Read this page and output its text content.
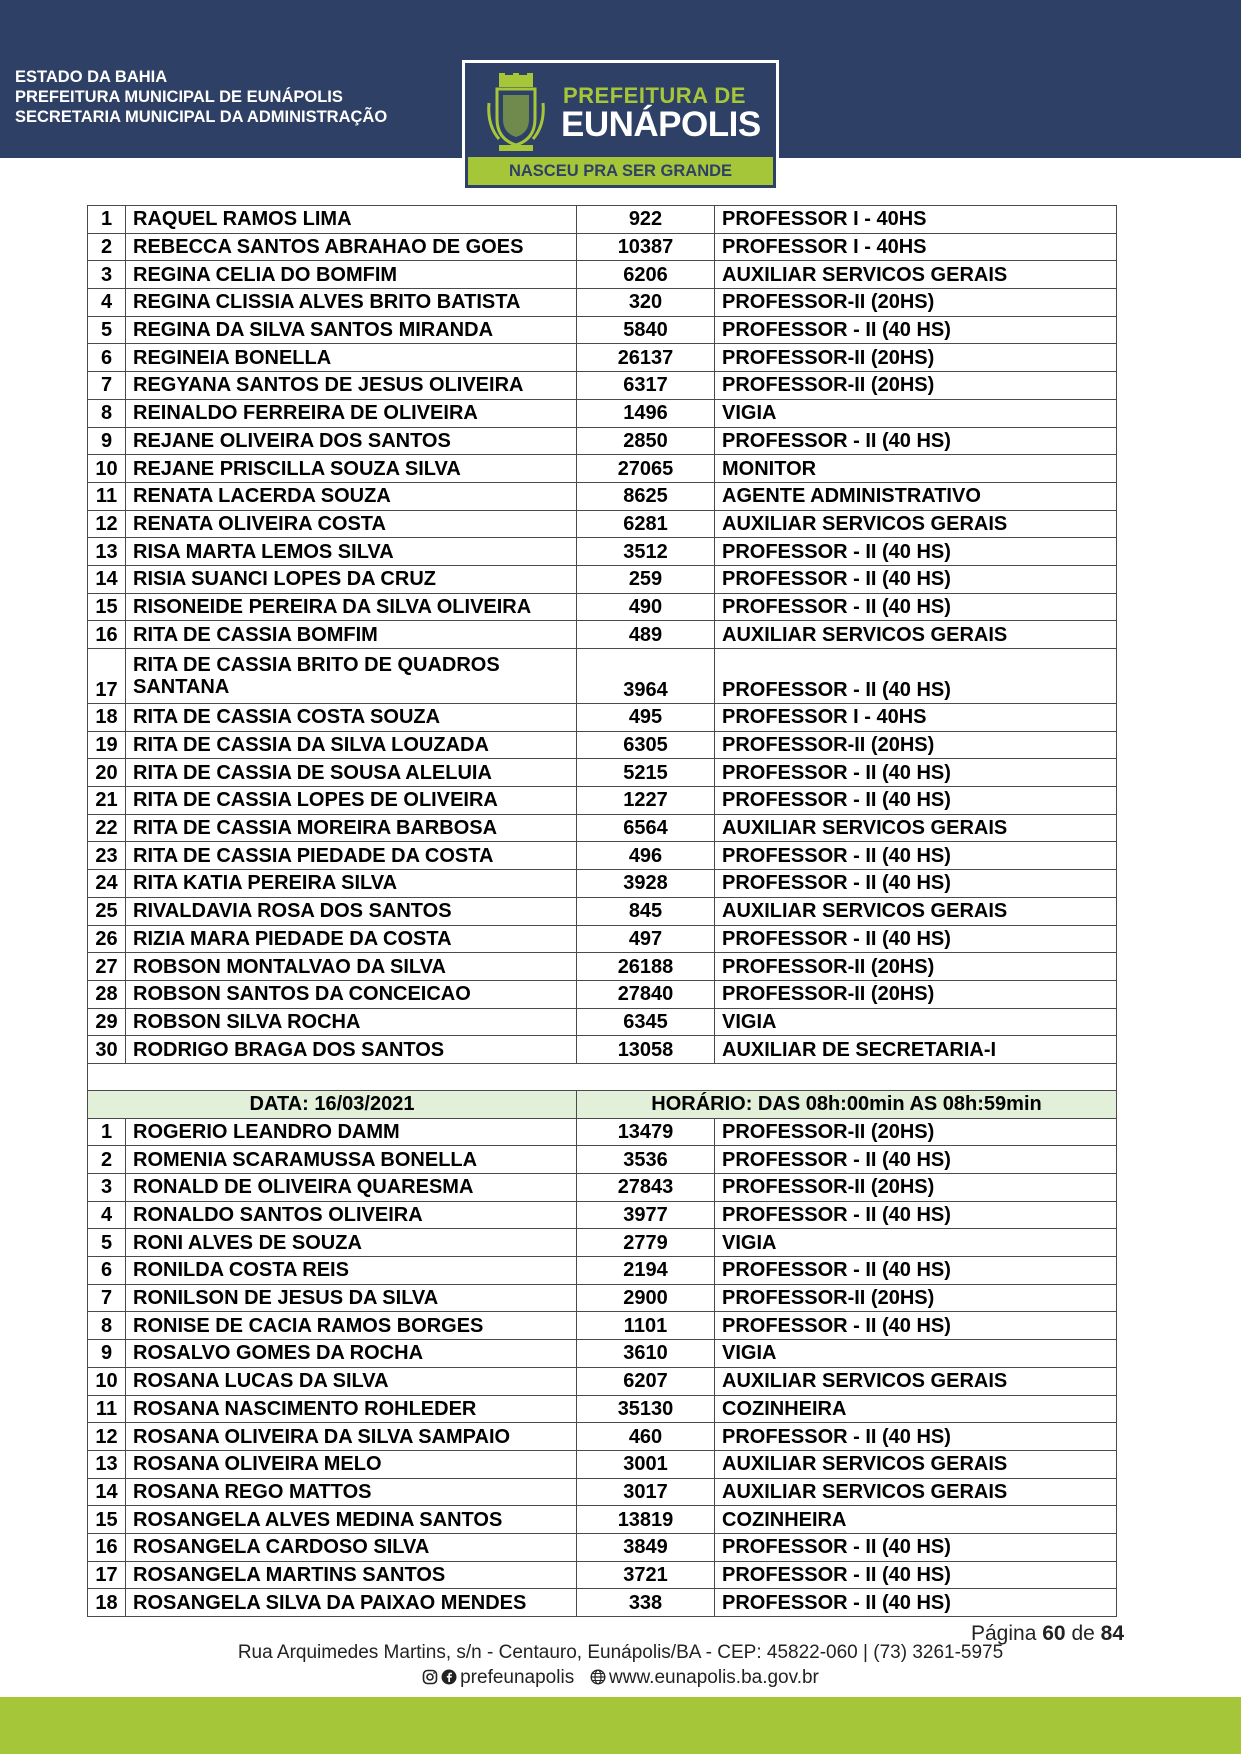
ESTADO DA BAHIA
PREFEITURA MUNICIPAL DE EUNÁPOLIS
SECRETARIA MUNICIPAL DA ADMINISTRAÇÃO
PREFEITURA DE
EUNÁPOLIS
NASCEU PRA SER GRANDE
1	RAQUEL RAMOS LIMA	922	PROFESSOR I - 40HS
2	REBECCA SANTOS ABRAHAO DE GOES	10387	PROFESSOR I - 40HS
3	REGINA CELIA DO BOMFIM	6206	AUXILIAR SERVICOS GERAIS
4	REGINA CLISSIA ALVES BRITO BATISTA	320	PROFESSOR-II (20HS)
5	REGINA DA SILVA SANTOS MIRANDA	5840	PROFESSOR - II (40 HS)
6	REGINEIA BONELLA	26137	PROFESSOR-II (20HS)
7	REGYANA SANTOS DE JESUS OLIVEIRA	6317	PROFESSOR-II (20HS)
8	REINALDO FERREIRA DE OLIVEIRA	1496	VIGIA
9	REJANE OLIVEIRA DOS SANTOS	2850	PROFESSOR - II (40 HS)
10	REJANE PRISCILLA SOUZA SILVA	27065	MONITOR
11	RENATA LACERDA SOUZA	8625	AGENTE ADMINISTRATIVO
12	RENATA OLIVEIRA COSTA	6281	AUXILIAR SERVICOS GERAIS
13	RISA MARTA LEMOS SILVA	3512	PROFESSOR - II (40 HS)
14	RISIA SUANCI LOPES DA CRUZ	259	PROFESSOR - II (40 HS)
15	RISONEIDE PEREIRA DA SILVA OLIVEIRA	490	PROFESSOR - II (40 HS)
16	RITA DE CASSIA BOMFIM	489	AUXILIAR SERVICOS GERAIS
17	RITA DE CASSIA BRITO DE QUADROS SANTANA	3964	PROFESSOR - II (40 HS)
18	RITA DE CASSIA COSTA SOUZA	495	PROFESSOR I - 40HS
19	RITA DE CASSIA DA SILVA LOUZADA	6305	PROFESSOR-II (20HS)
20	RITA DE CASSIA DE SOUSA ALELUIA	5215	PROFESSOR - II (40 HS)
21	RITA DE CASSIA LOPES DE OLIVEIRA	1227	PROFESSOR - II (40 HS)
22	RITA DE CASSIA MOREIRA BARBOSA	6564	AUXILIAR SERVICOS GERAIS
23	RITA DE CASSIA PIEDADE DA COSTA	496	PROFESSOR - II (40 HS)
24	RITA KATIA PEREIRA SILVA	3928	PROFESSOR - II (40 HS)
25	RIVALDAVIA ROSA DOS SANTOS	845	AUXILIAR SERVICOS GERAIS
26	RIZIA MARA PIEDADE DA COSTA	497	PROFESSOR - II (40 HS)
27	ROBSON MONTALVAO DA SILVA	26188	PROFESSOR-II (20HS)
28	ROBSON SANTOS DA CONCEICAO	27840	PROFESSOR-II (20HS)
29	ROBSON SILVA ROCHA	6345	VIGIA
30	RODRIGO BRAGA DOS SANTOS	13058	AUXILIAR DE SECRETARIA-I

DATA: 16/03/2021		HORÁRIO: DAS 08h:00min AS 08h:59min	
1	ROGERIO LEANDRO DAMM	13479	PROFESSOR-II (20HS)
2	ROMENIA SCARAMUSSA BONELLA	3536	PROFESSOR - II (40 HS)
3	RONALD DE OLIVEIRA QUARESMA	27843	PROFESSOR-II (20HS)
4	RONALDO SANTOS OLIVEIRA	3977	PROFESSOR - II (40 HS)
5	RONI ALVES DE SOUZA	2779	VIGIA
6	RONILDA COSTA REIS	2194	PROFESSOR - II (40 HS)
7	RONILSON DE JESUS DA SILVA	2900	PROFESSOR-II (20HS)
8	RONISE DE CACIA RAMOS BORGES	1101	PROFESSOR - II (40 HS)
9	ROSALVO GOMES DA ROCHA	3610	VIGIA
10	ROSANA LUCAS DA SILVA	6207	AUXILIAR SERVICOS GERAIS
11	ROSANA NASCIMENTO ROHLEDER	35130	COZINHEIRA
12	ROSANA OLIVEIRA DA SILVA SAMPAIO	460	PROFESSOR - II (40 HS)
13	ROSANA OLIVEIRA MELO	3001	AUXILIAR SERVICOS GERAIS
14	ROSANA REGO MATTOS	3017	AUXILIAR SERVICOS GERAIS
15	ROSANGELA ALVES MEDINA SANTOS	13819	COZINHEIRA
16	ROSANGELA CARDOSO SILVA	3849	PROFESSOR - II (40 HS)
17	ROSANGELA MARTINS SANTOS	3721	PROFESSOR - II (40 HS)
18	ROSANGELA SILVA DA PAIXAO MENDES	338	PROFESSOR - II (40 HS)
Página 60 de 84
Rua Arquimedes Martins, s/n - Centauro, Eunápolis/BA - CEP: 45822-060 | (73) 3261-5975
prefeunapolis www.eunapolis.ba.gov.br
